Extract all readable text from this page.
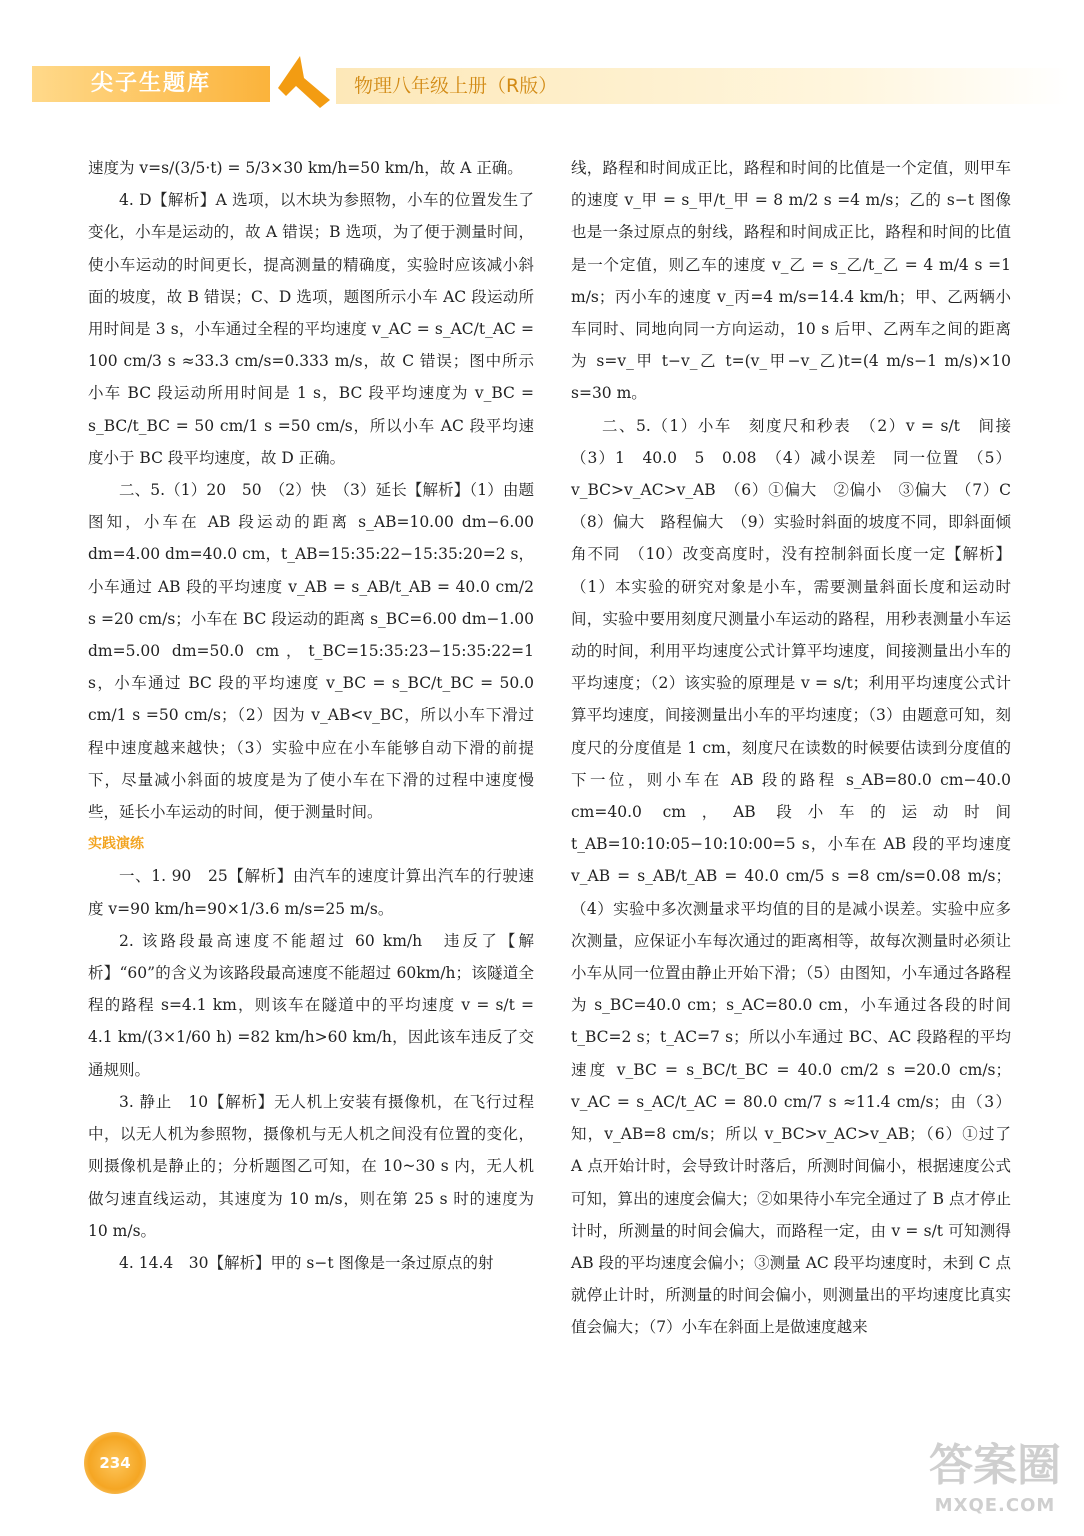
尖子生题库	物理八年级上册（R版）

速度为 v=s/(3/5·t) = 5/3×30 km/h=50 km/h，故 A 正确。

4. D【解析】A 选项，以木块为参照物，小车的位置发生了变化，小车是运动的，故 A 错误；B 选项，为了便于测量时间，使小车运动的时间更长，提高测量的精确度，实验时应该减小斜面的坡度，故 B 错误；C、D 选项，题图所示小车 AC 段运动所用时间是 3 s，小车通过全程的平均速度 v_AC = s_AC/t_AC = 100 cm/3 s ≈33.3 cm/s=0.333 m/s，故 C 错误；图中所示小车 BC 段运动所用时间是 1 s，BC 段平均速度为 v_BC = s_BC/t_BC = 50 cm/1 s =50 cm/s，所以小车 AC 段平均速度小于 BC 段平均速度，故 D 正确。

二、5.（1）20　50　（2）快　（3）延长【解析】（1）由题图知，小车在 AB 段运动的距离 s_AB=10.00 dm−6.00 dm=4.00 dm=40.0 cm，t_AB=15:35:22−15:35:20=2 s，小车通过 AB 段的平均速度 v_AB = s_AB/t_AB = 40.0 cm/2 s =20 cm/s；小车在 BC 段运动的距离 s_BC=6.00 dm−1.00 dm=5.00 dm=50.0 cm，t_BC=15:35:23−15:35:22=1 s，小车通过 BC 段的平均速度 v_BC = s_BC/t_BC = 50.0 cm/1 s =50 cm/s；（2）因为 v_AB<v_BC，所以小车下滑过程中速度越来越快；（3）实验中应在小车能够自动下滑的前提下，尽量减小斜面的坡度是为了使小车在下滑的过程中速度慢些，延长小车运动的时间，便于测量时间。

实践演练

一、1. 90　25【解析】由汽车的速度计算出汽车的行驶速度 v=90 km/h=90×1/3.6 m/s=25 m/s。

2. 该路段最高速度不能超过 60 km/h　违反了【解析】“60”的含义为该路段最高速度不能超过 60km/h；该隧道全程的路程 s=4.1 km，则该车在隧道中的平均速度 v = s/t = 4.1 km/(3×1/60 h) =82 km/h>60 km/h，因此该车违反了交通规则。

3. 静止　10【解析】无人机上安装有摄像机，在飞行过程中，以无人机为参照物，摄像机与无人机之间没有位置的变化，则摄像机是静止的；分析题图乙可知，在 10~30 s 内，无人机做匀速直线运动，其速度为 10 m/s，则在第 25 s 时的速度为 10 m/s。

4. 14.4　30【解析】甲的 s−t 图像是一条过原点的射

线，路程和时间成正比，路程和时间的比值是一个定值，则甲车的速度 v_甲 = s_甲/t_甲 = 8 m/2 s =4 m/s；乙的 s−t 图像也是一条过原点的射线，路程和时间成正比，路程和时间的比值是一个定值，则乙车的速度 v_乙 = s_乙/t_乙 = 4 m/4 s =1 m/s；丙小车的速度 v_丙=4 m/s=14.4 km/h；甲、乙两辆小车同时、同地向同一方向运动，10 s 后甲、乙两车之间的距离为 s=v_甲 t−v_乙 t=(v_甲−v_乙)t=(4 m/s−1 m/s)×10 s=30 m。

二、5.（1）小车　刻度尺和秒表　（2）v = s/t　间接　（3）1　40.0　5　0.08　（4）减小误差　同一位置　（5）v_BC>v_AC>v_AB　（6）①偏大　②偏小　③偏大　（7）C　（8）偏大　路程偏大　（9）实验时斜面的坡度不同，即斜面倾角不同　（10）改变高度时，没有控制斜面长度一定【解析】（1）本实验的研究对象是小车，需要测量斜面长度和运动时间，实验中要用刻度尺测量小车运动的路程，用秒表测量小车运动的时间，利用平均速度公式计算平均速度，间接测量出小车的平均速度；（2）该实验的原理是 v = s/t；利用平均速度公式计算平均速度，间接测量出小车的平均速度；（3）由题意可知，刻度尺的分度值是 1 cm，刻度尺在读数的时候要估读到分度值的下一位，则小车在 AB 段的路程 s_AB=80.0 cm−40.0 cm=40.0 cm，AB 段小车的运动时间 t_AB=10:10:05−10:10:00=5 s，小车在 AB 段的平均速度 v_AB = s_AB/t_AB = 40.0 cm/5 s =8 cm/s=0.08 m/s；（4）实验中多次测量求平均值的目的是减小误差。实验中应多次测量，应保证小车每次通过的距离相等，故每次测量时必须让小车从同一位置由静止开始下滑；（5）由图知，小车通过各路程为 s_BC=40.0 cm；s_AC=80.0 cm，小车通过各段的时间 t_BC=2 s；t_AC=7 s；所以小车通过 BC、AC 段路程的平均速度 v_BC = s_BC/t_BC = 40.0 cm/2 s =20.0 cm/s；v_AC = s_AC/t_AC = 80.0 cm/7 s ≈11.4 cm/s；由（3）知，v_AB=8 cm/s；所以 v_BC>v_AC>v_AB；（6）①过了 A 点开始计时，会导致计时落后，所测时间偏小，根据速度公式可知，算出的速度会偏大；②如果待小车完全通过了 B 点才停止计时，所测量的时间会偏大，而路程一定，由 v = s/t 可知测得 AB 段的平均速度会偏小；③测量 AC 段平均速度时，未到 C 点就停止计时，所测量的时间会偏小，则测量出的平均速度比真实值会偏大；（7）小车在斜面上是做速度越来

234	答案圈
MXQE.COM
